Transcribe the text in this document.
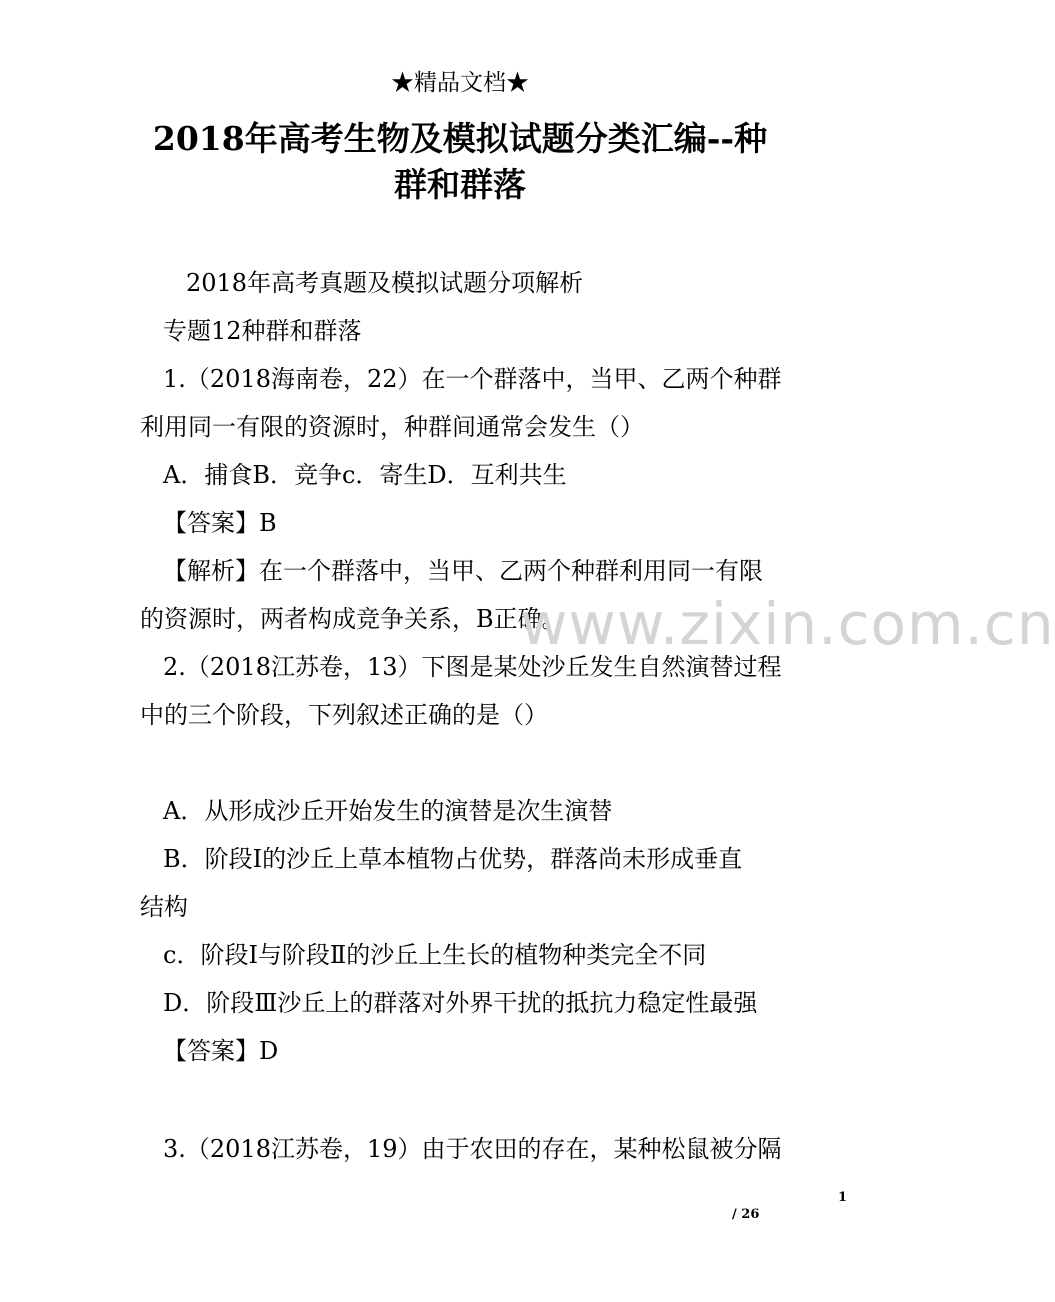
★精品文档★
2018年高考生物及模拟试题分类汇编--种
群和群落
2018年高考真题及模拟试题分项解析
专题12种群和群落
1.（2018海南卷，22）在一个群落中，当甲、乙两个种群
利用同一有限的资源时，种群间通常会发生（）
A．捕食B．竞争c．寄生D．互利共生
【答案】B
【解析】在一个群落中，当甲、乙两个种群利用同一有限
的资源时，两者构成竞争关系，B正确。
2.（2018江苏卷，13）下图是某处沙丘发生自然演替过程
中的三个阶段，下列叙述正确的是（）
A．从形成沙丘开始发生的演替是次生演替
B．阶段Ⅰ的沙丘上草本植物占优势，群落尚未形成垂直
结构
c．阶段Ⅰ与阶段Ⅱ的沙丘上生长的植物种类完全不同
D．阶段Ⅲ沙丘上的群落对外界干扰的抵抗力稳定性最强
【答案】D
3.（2018江苏卷，19）由于农田的存在，某种松鼠被分隔
www.zixin.com.cn
1
/ 26
